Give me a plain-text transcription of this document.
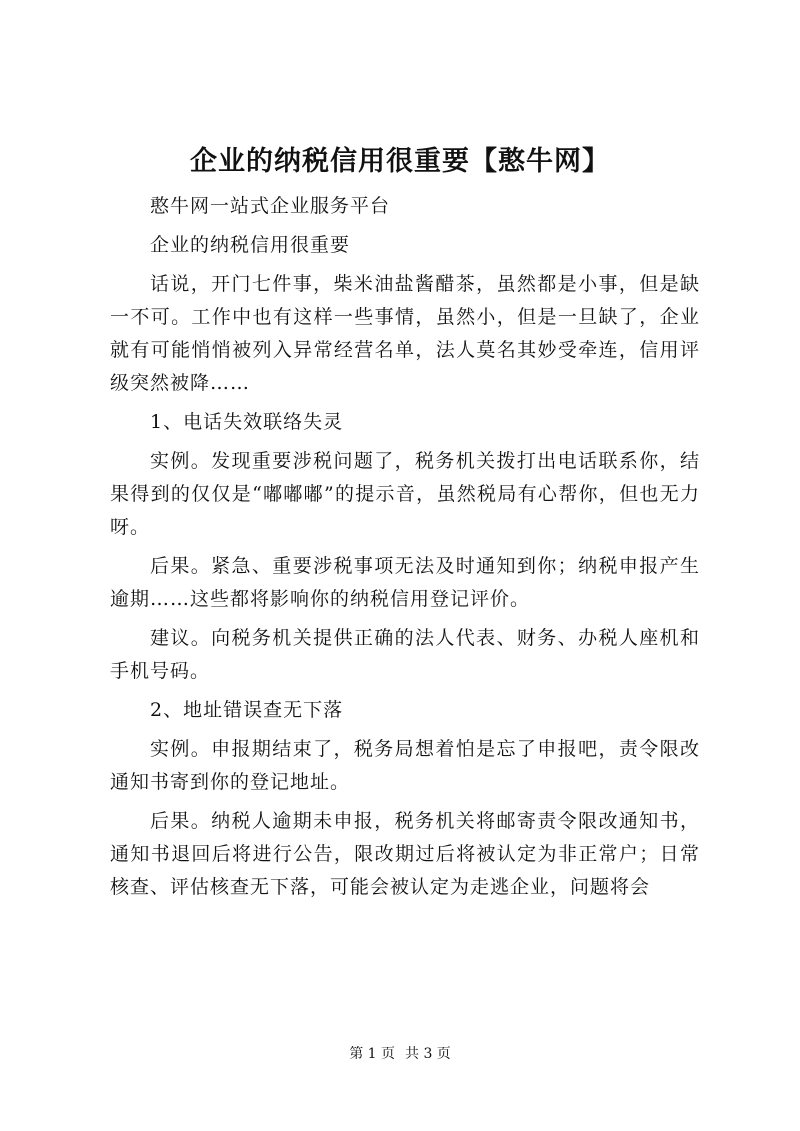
企业的纳税信用很重要【憨牛网】

憨牛网一站式企业服务平台

企业的纳税信用很重要

话说，开门七件事，柴米油盐酱醋茶，虽然都是小事，但是缺一不可。工作中也有这样一些事情，虽然小，但是一旦缺了，企业就有可能悄悄被列入异常经营名单，法人莫名其妙受牵连，信用评级突然被降……

1、电话失效联络失灵

实例。发现重要涉税问题了，税务机关拨打出电话联系你，结果得到的仅仅是“嘟嘟嘟”的提示音，虽然税局有心帮你，但也无力呀。

后果。紧急、重要涉税事项无法及时通知到你；纳税申报产生逾期……这些都将影响你的纳税信用登记评价。

建议。向税务机关提供正确的法人代表、财务、办税人座机和手机号码。

2、地址错误查无下落

实例。申报期结束了，税务局想着怕是忘了申报吧，责令限改通知书寄到你的登记地址。

后果。纳税人逾期未申报，税务机关将邮寄责令限改通知书，通知书退回后将进行公告，限改期过后将被认定为非正常户；日常核查、评估核查无下落，可能会被认定为走逃企业，问题将会

第 1 页 共 3 页
